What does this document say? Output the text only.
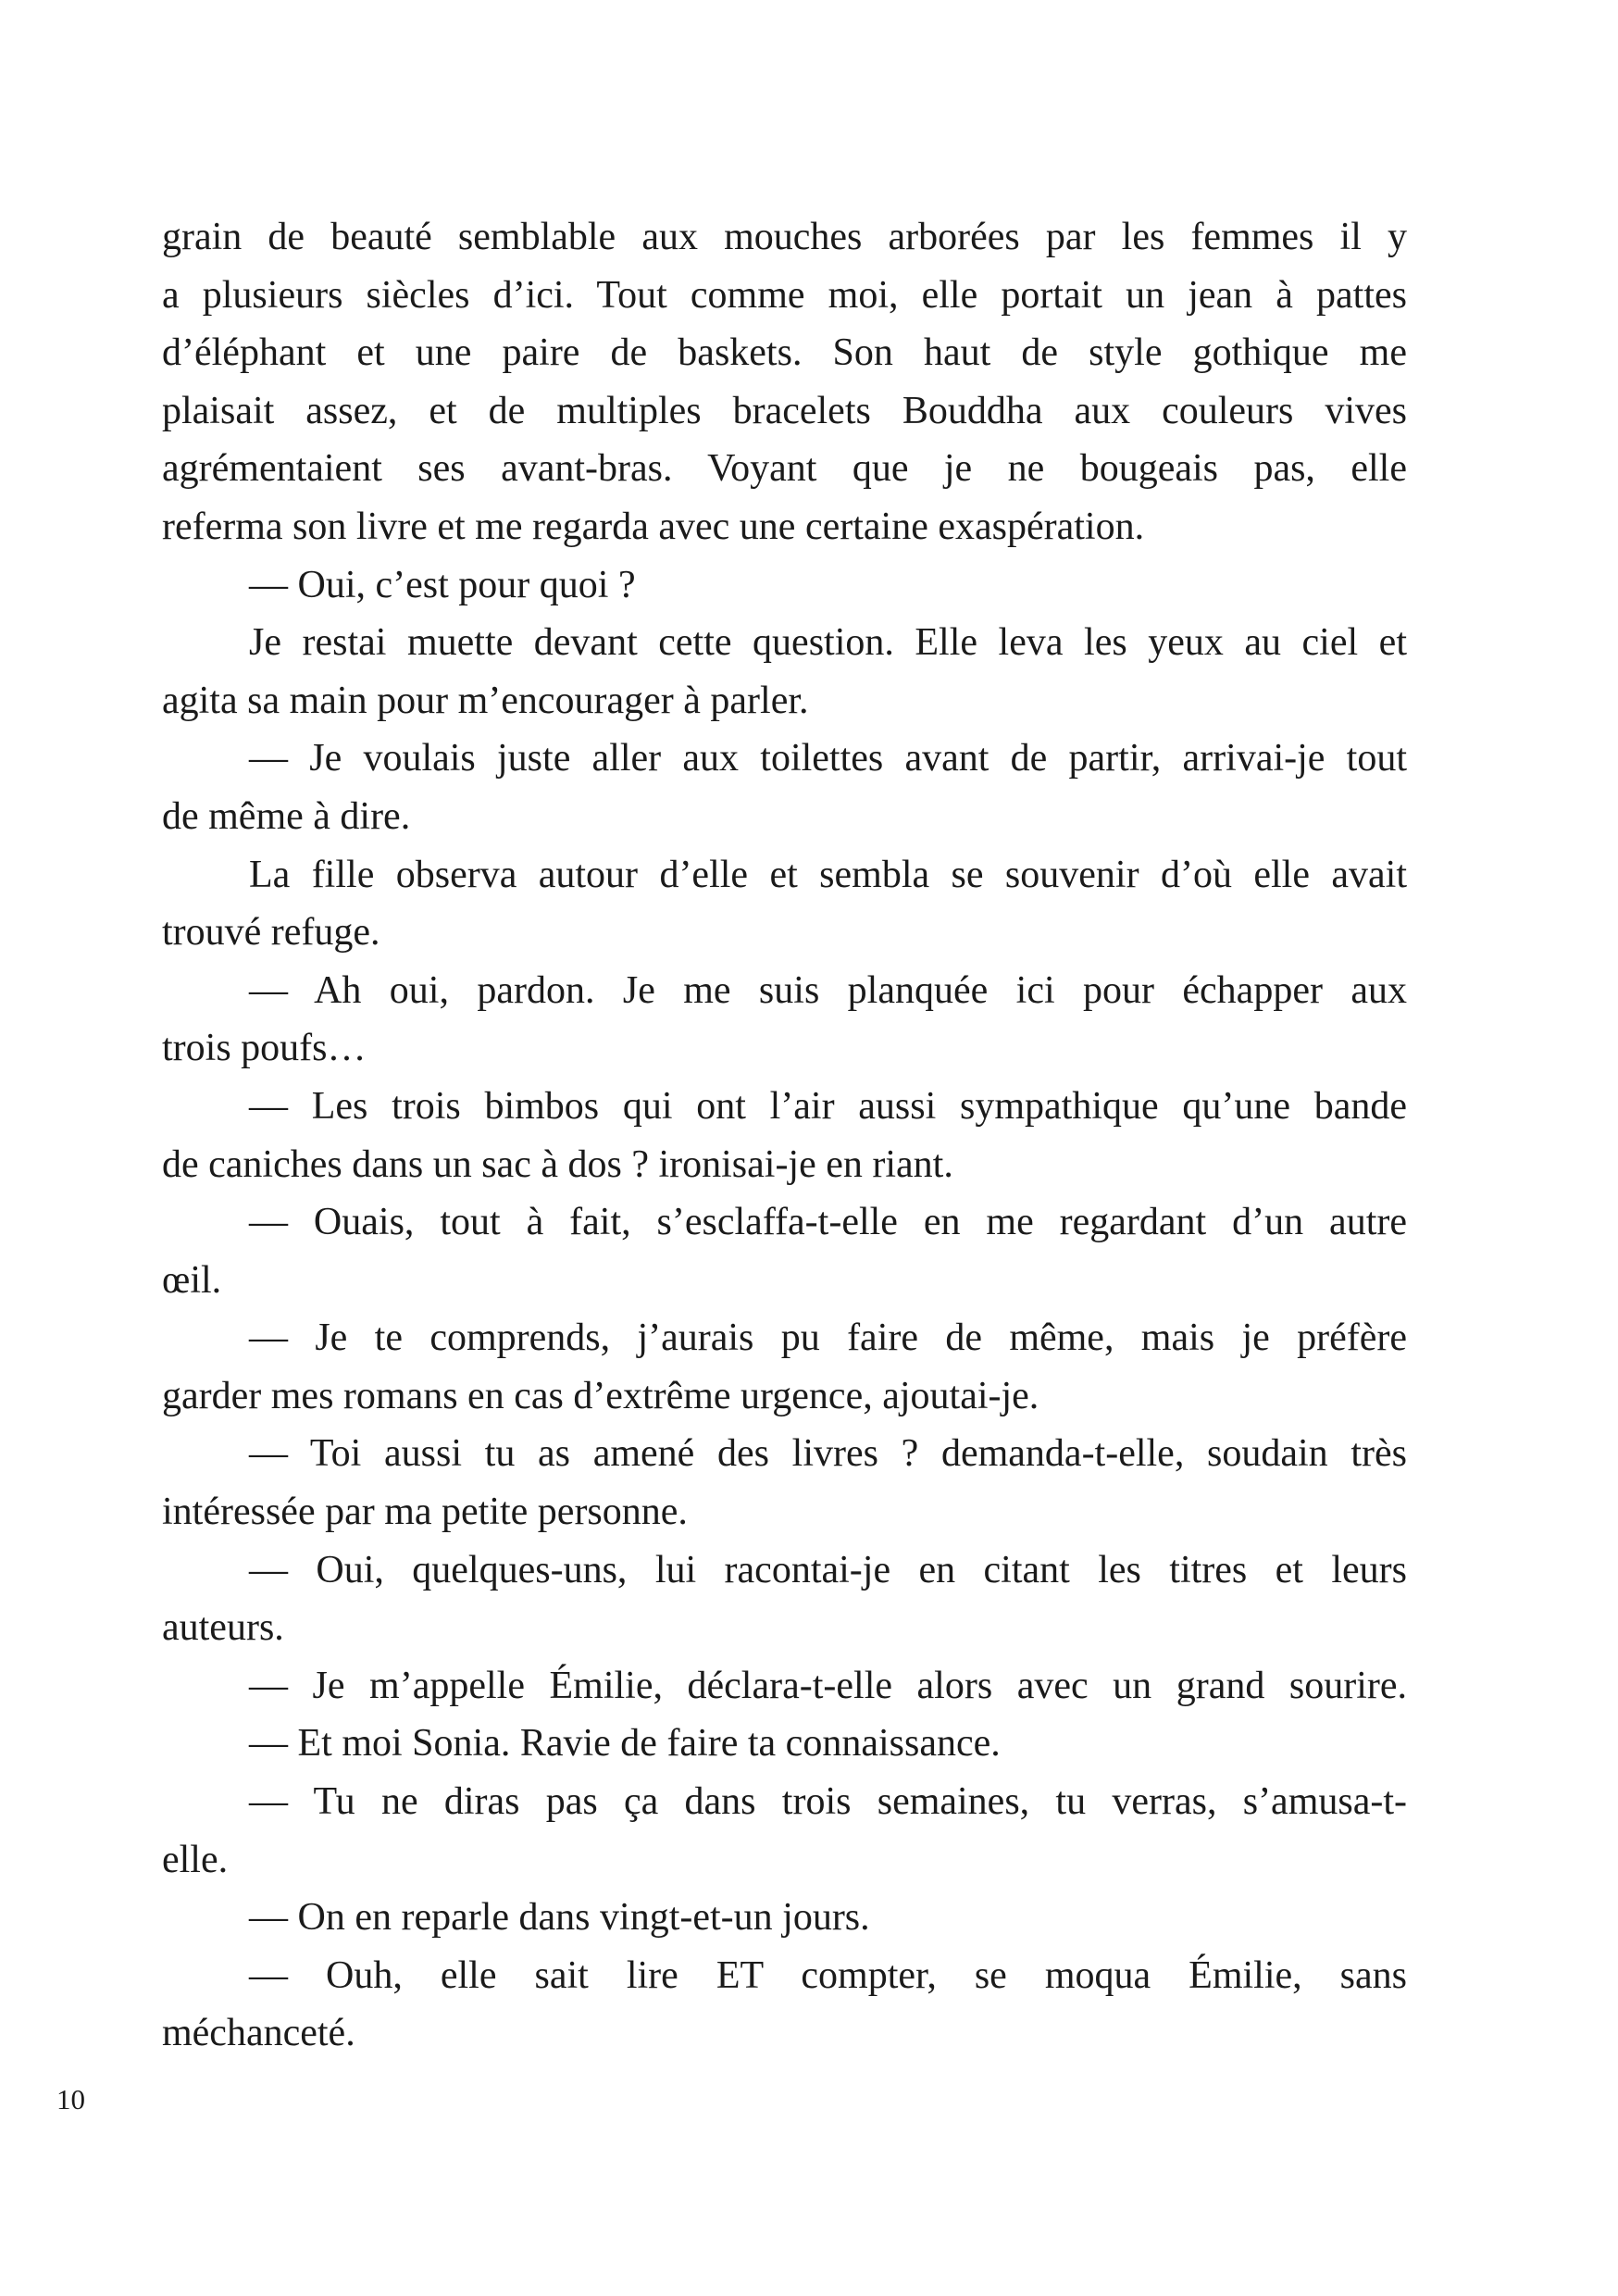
grain de beauté semblable aux mouches arborées par les femmes il y
a plusieurs siècles d’ici. Tout comme moi, elle portait un jean à pattes
d’éléphant et une paire de baskets. Son haut de style gothique me
plaisait assez, et de multiples bracelets Bouddha aux couleurs vives
agrémentaient ses avant-bras. Voyant que je ne bougeais pas, elle
referma son livre et me regarda avec une certaine exaspération.
— Oui, c’est pour quoi ?
Je restai muette devant cette question. Elle leva les yeux au ciel et
agita sa main pour m’encourager à parler.
— Je voulais juste aller aux toilettes avant de partir, arrivai-je tout
de même à dire.
La fille observa autour d’elle et sembla se souvenir d’où elle avait
trouvé refuge.
— Ah oui, pardon. Je me suis planquée ici pour échapper aux
trois poufs…
— Les trois bimbos qui ont l’air aussi sympathique qu’une bande
de caniches dans un sac à dos ? ironisai-je en riant.
— Ouais, tout à fait, s’esclaffa-t-elle en me regardant d’un autre
œil.
— Je te comprends, j’aurais pu faire de même, mais je préfère
garder mes romans en cas d’extrême urgence, ajoutai-je.
— Toi aussi tu as amené des livres ? demanda-t-elle, soudain très
intéressée par ma petite personne.
— Oui, quelques-uns, lui racontai-je en citant les titres et leurs
auteurs.
— Je m’appelle Émilie, déclara-t-elle alors avec un grand sourire.
— Et moi Sonia. Ravie de faire ta connaissance.
— Tu ne diras pas ça dans trois semaines, tu verras, s’amusa-t-
elle.
— On en reparle dans vingt-et-un jours.
— Ouh, elle sait lire ET compter, se moqua Émilie, sans
méchanceté.
10
